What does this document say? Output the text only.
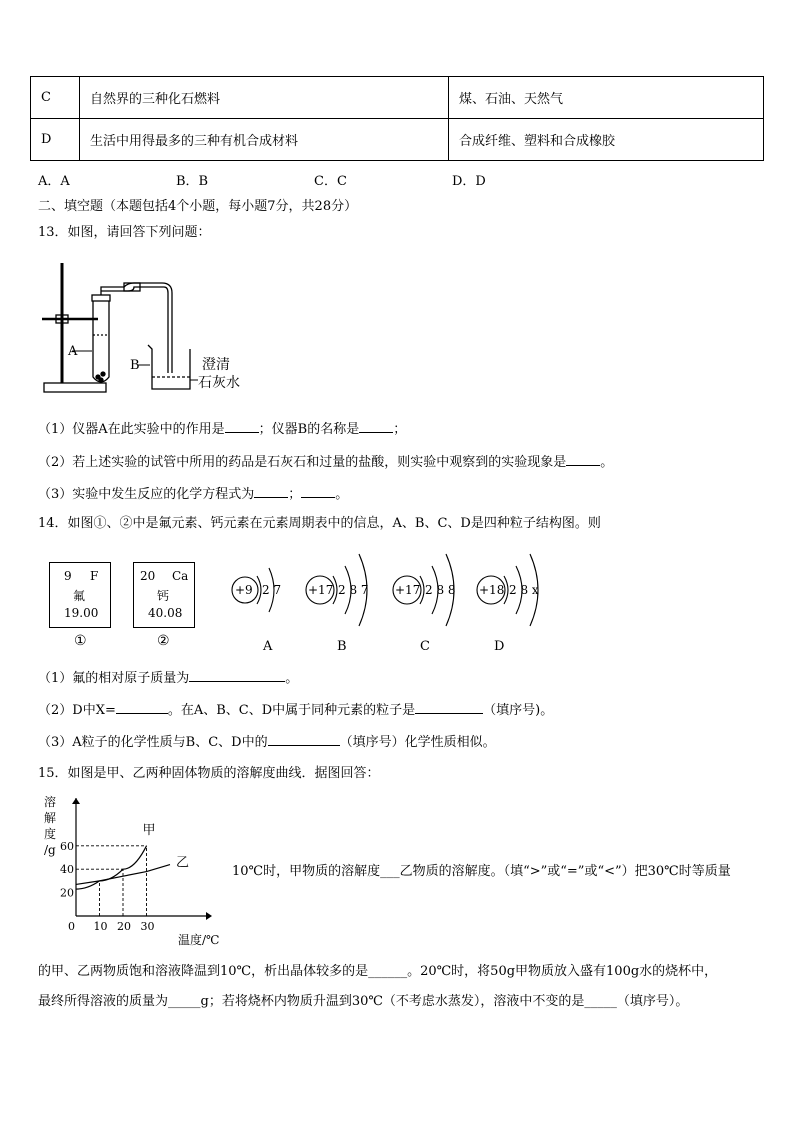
C	自然界的三种化石燃料	煤、石油、天然气
D	生活中用得最多的三种有机合成材料	合成纤维、塑料和合成橡胶
A．A	B．B	C．C	D．D
二、填空题（本题包括4个小题，每小题7分，共28分）
13．如图，请回答下列问题：
A
B	澄清
石灰水
（1）仪器A在此实验中的作用是	；仪器B的名称是	；
（2）若上述实验的试管中所用的药品是石灰石和过量的盐酸，则实验中观察到的实验现象是	。
（3）实验中发生反应的化学方程式为	；	。
14．如图①、②中是氟元素、钙元素在元素周期表中的信息，A、B、C、D是四种粒子结构图。则
9 F
氟
19.00
20 Ca
钙
40.08
①	②
+9 2 7 +17 2 8 7 +17 2 8 8 +18 2 8 x
A	B	C	D
（1）氟的相对原子质量为	。
（2）D中X=	。在A、B、C、D中属于同种元素的粒子是	（填序号)。
（3）A粒子的化学性质与B、C、D中的	（填序号）化学性质相似。
15．如图是甲、乙两种固体物质的溶解度曲线．据图回答：
溶
解
度
/g
温度/℃
0 10 20 30
20
40
60
甲
乙
10℃时，甲物质的溶解度___乙物质的溶解度。（填“>”或“=”或“<”）把30℃时等质量
的甲、乙两物质饱和溶液降温到10℃，析出晶体较多的是______。20℃时，将50g甲物质放入盛有100g水的烧杯中，
最终所得溶液的质量为_____g；若将烧杯内物质升温到30℃（不考虑水蒸发），溶液中不变的是_____（填序号）。
